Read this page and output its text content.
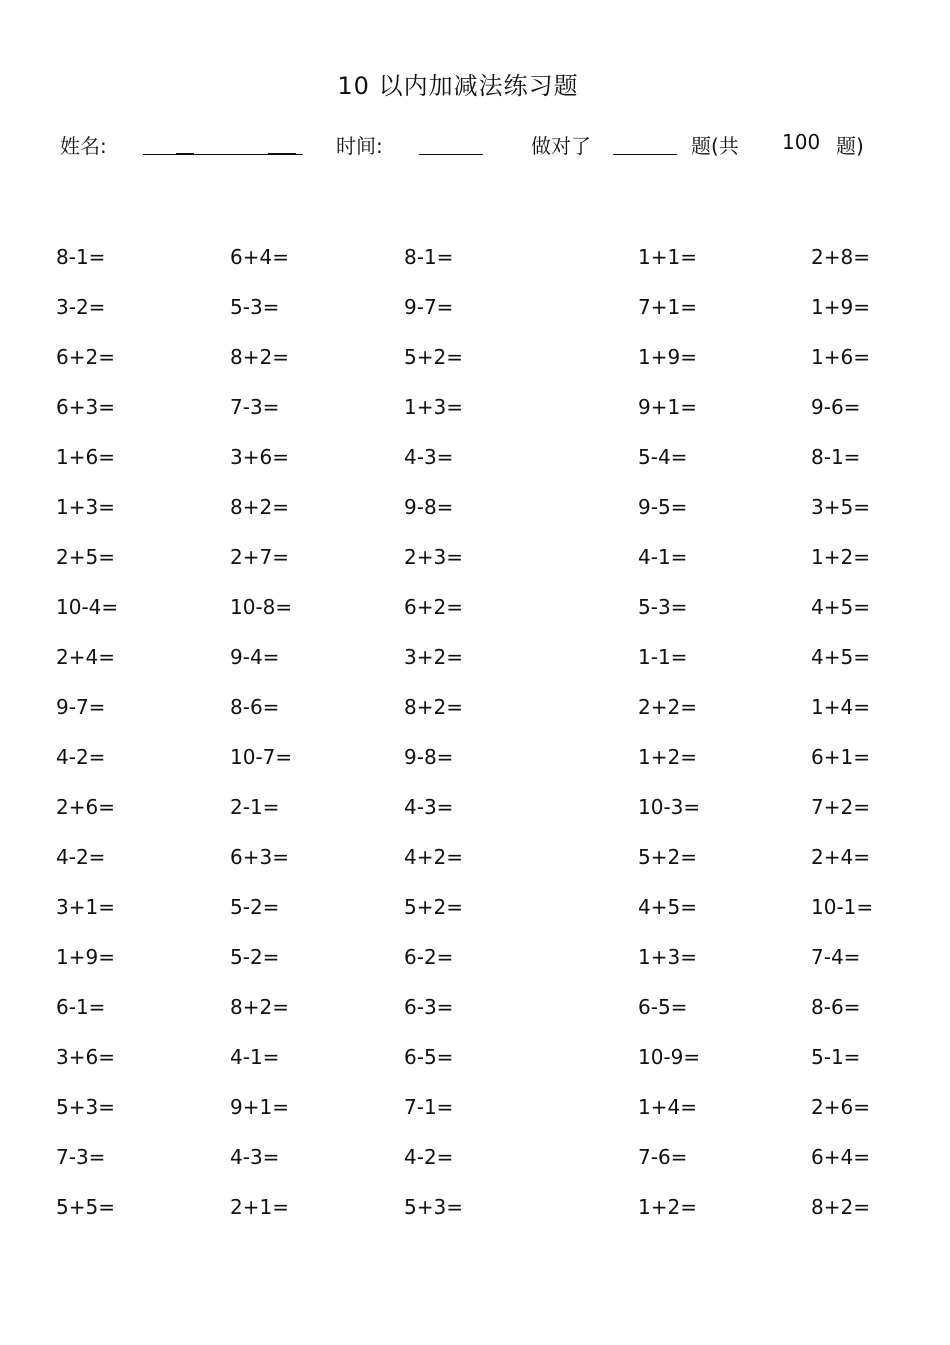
10 以内加减法练习题
姓名:	时间:	做对了	题(共 100 题)
8-1=	6+4=	8-1=	1+1=	2+8=
3-2=	5-3=	9-7=	7+1=	1+9=
6+2=	8+2=	5+2=	1+9=	1+6=
6+3=	7-3=	1+3=	9+1=	9-6=
1+6=	3+6=	4-3=	5-4=	8-1=
1+3=	8+2=	9-8=	9-5=	3+5=
2+5=	2+7=	2+3=	4-1=	1+2=
10-4=	10-8=	6+2=	5-3=	4+5=
2+4=	9-4=	3+2=	1-1=	4+5=
9-7=	8-6=	8+2=	2+2=	1+4=
4-2=	10-7=	9-8=	1+2=	6+1=
2+6=	2-1=	4-3=	10-3=	7+2=
4-2=	6+3=	4+2=	5+2=	2+4=
3+1=	5-2=	5+2=	4+5=	10-1=
1+9=	5-2=	6-2=	1+3=	7-4=
6-1=	8+2=	6-3=	6-5=	8-6=
3+6=	4-1=	6-5=	10-9=	5-1=
5+3=	9+1=	7-1=	1+4=	2+6=
7-3=	4-3=	4-2=	7-6=	6+4=
5+5=	2+1=	5+3=	1+2=	8+2=
